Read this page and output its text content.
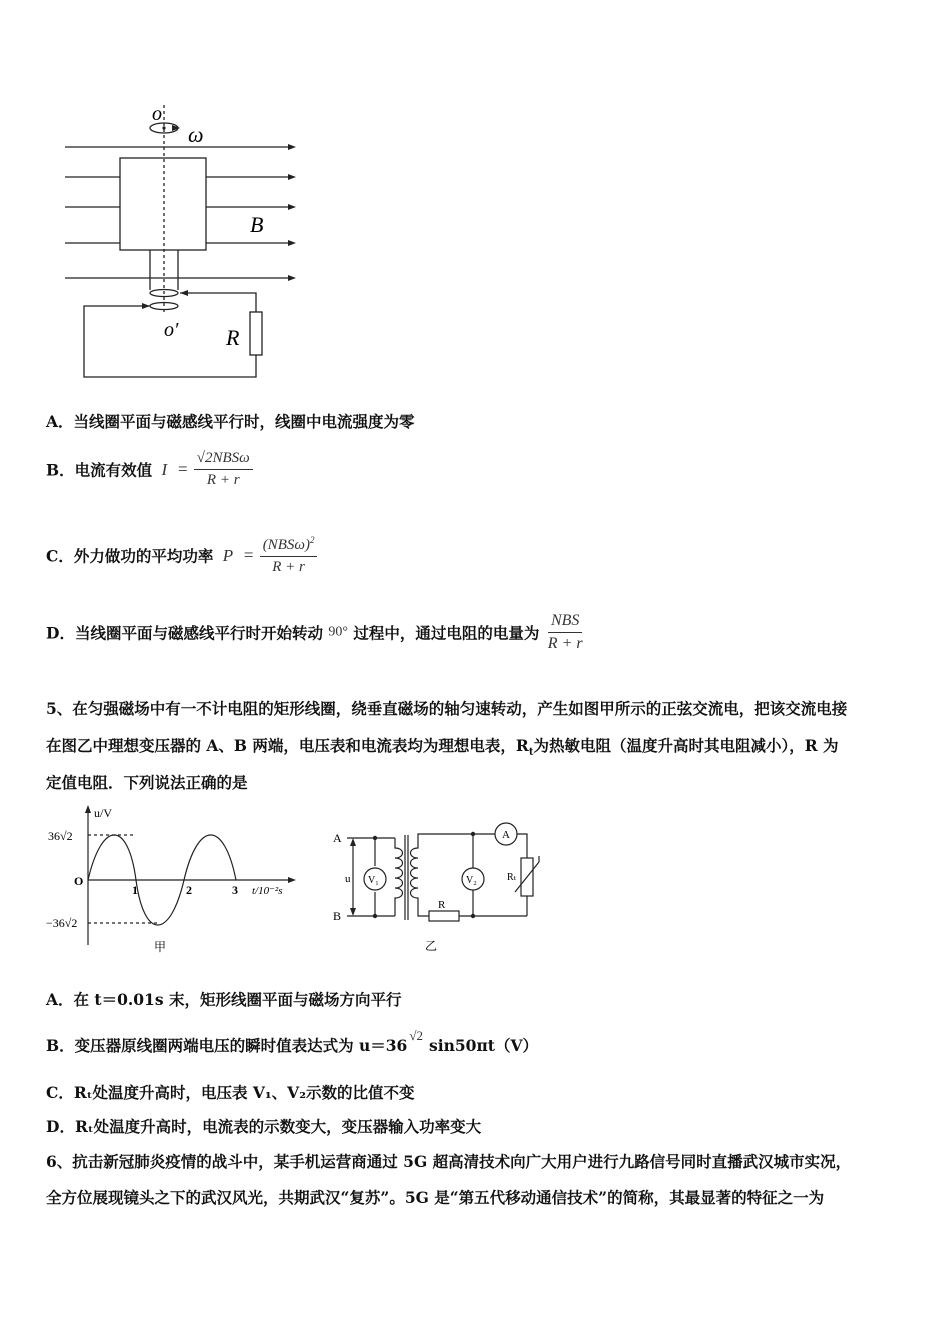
o
ω
B
o′ R
A．当线圈平面与磁感线平行时，线圈中电流强度为零
B．电流有效值 $I = \frac{\text{√2NBSω}}{R + r}$
C．外力做功的平均功率 $P = \frac{(NBS\omega)^2}{R + r}$
D．当线圈平面与磁感线平行时开始转动 90° 过程中，通过电阻的电量为 $\frac{\text{NBS}}{R + r}$
5、在匀强磁场中有一不计电阻的矩形线圈，绕垂直磁场的轴匀速转动，产生如图甲所示的正弦交流电，把该交流电接
在图乙中理想变压器的 A、B 两端，电压表和电流表均为理想电表，$R_t$为热敏电阻（温度升高时其电阻减小），R 为
定值电阻．下列说法正确的是
u/V
36√2
O
−36√2
1	2	3 t/10⁻²s
甲
A
B
u V₁	V₂
A
Rₜ
R
乙
A．在 t＝0.01s 末，矩形线圈平面与磁场方向平行
B．变压器原线圈两端电压的瞬时值表达式为 $u=36^{√2}\sin 50\pi t(V)$
C．Rₜ处温度升高时，电压表 V₁、V₂示数的比值不变
D．Rₜ处温度升高时，电流表的示数变大，变压器输入功率变大
6、抗击新冠肺炎疫情的战斗中，某手机运营商通过 5G 超高清技术向广大用户进行九路信号同时直播武汉城市实况，
全方位展现镜头之下的武汉风光，共期武汉“复苏”。5G 是“第五代移动通信技术”的简称，其最显著的特征之一为
